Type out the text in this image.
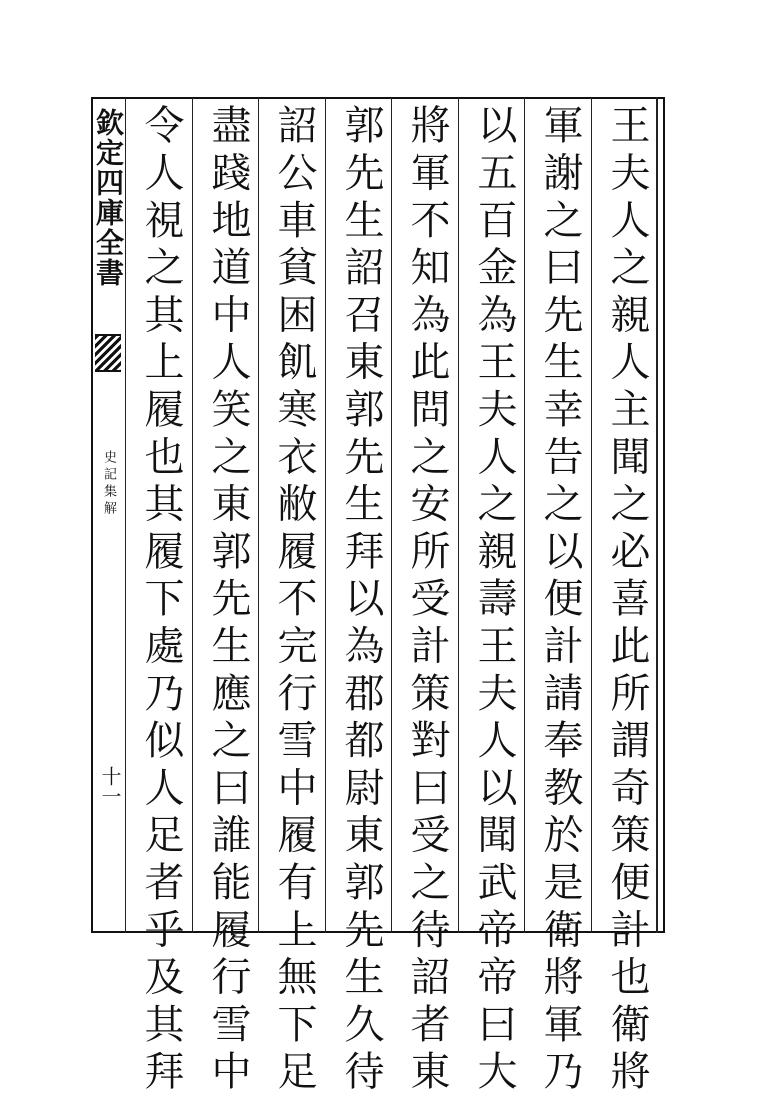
欽定四庫全書
史記集解
十一	王夫人之親人主聞之必喜此所謂奇策便計也衛將
軍謝之曰先生幸告之以便計請奉教於是衛將軍乃
以五百金為王夫人之親壽王夫人以聞武帝帝曰大
將軍不知為此問之安所受計策對曰受之待詔者東
郭先生詔召東郭先生拜以為郡都尉東郭先生久待
詔公車貧困飢寒衣敝履不完行雪中履有上無下足
盡踐地道中人笑之東郭先生應之曰誰能履行雪中
令人視之其上履也其履下處乃似人足者乎及其拜
